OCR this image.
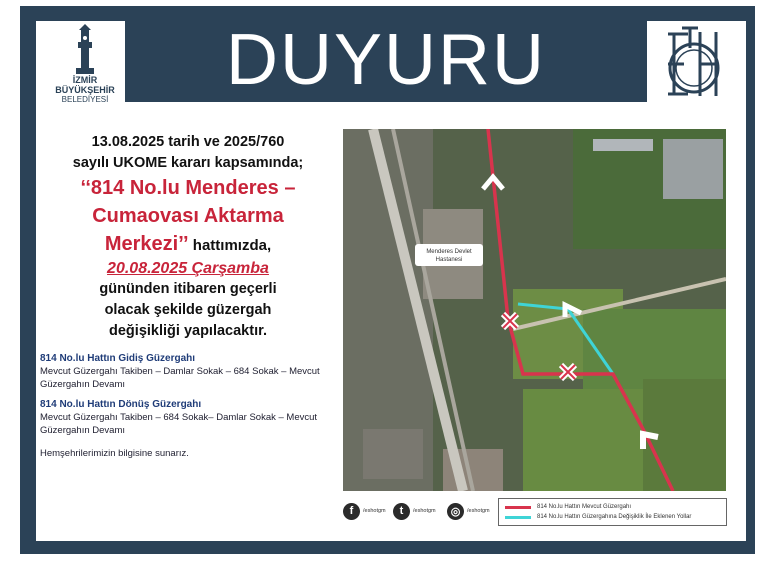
DUYURU
İZMİR
BÜYÜKŞEHİR
BELEDİYESİ
13.08.2025 tarih ve 2025/760
sayılı UKOME kararı kapsamında;
‘‘814 No.lu Menderes –
Cumaovası Aktarma
Merkezi’’ hattımızda,
20.08.2025 Çarşamba
gününden itibaren geçerli
olacak şekilde güzergah
değişikliği yapılacaktır.
814 No.lu Hattın Gidiş Güzergahı

Mevcut Güzergahı Takiben – Damlar Sokak – 684 Sokak – Mevcut Güzergahın Devamı

814 No.lu Hattın Dönüş Güzergahı

Mevcut Güzergahı Takiben – 684 Sokak– Damlar Sokak – Mevcut Güzergahın Devamı

Hemşehrilerimizin bilgisine sunarız.

Menderes Devlet
Hastanesi
f	/eshotgm	t	/eshotgm	◎	/eshotgm
814 No.lu Hattın Mevcut Güzergahı
814 No.lu Hattın Güzergahına Değişiklik İle Eklenen Yollar
